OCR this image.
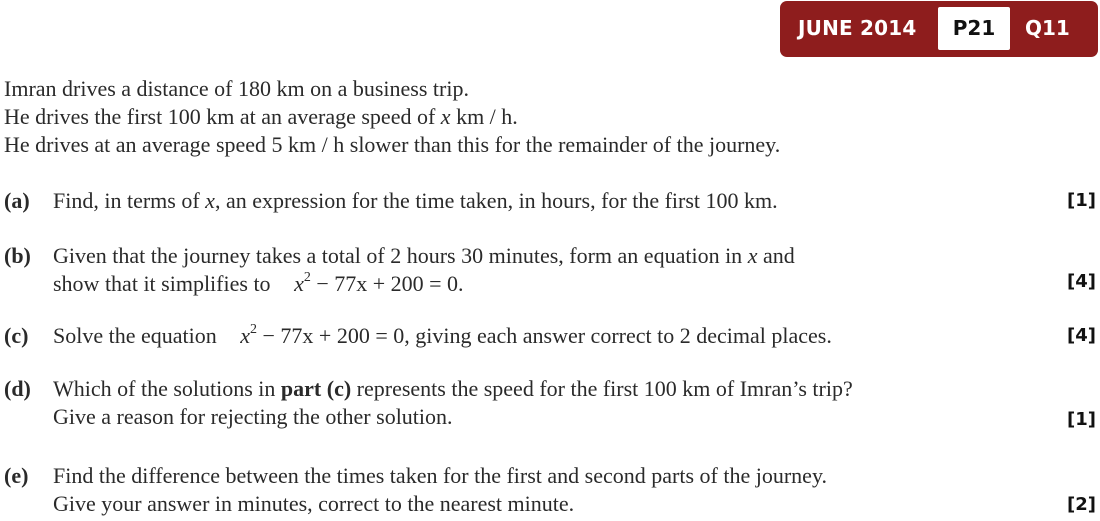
JUNE 2014	P21	Q11
Imran drives a distance of 180 km on a business trip.
He drives the first 100 km at an average speed of x km / h.
He drives at an average speed 5 km / h slower than this for the remainder of the journey.
(a) Find, in terms of x, an expression for the time taken, in hours, for the first 100 km.	[1]
(b) Given that the journey takes a total of 2 hours 30 minutes, form an equation in x and
show that it simplifies to $x^2 - 77x + 200 = 0$.	[4]
(c) Solve the equation $x^2 - 77x + 200 = 0$, giving each answer correct to 2 decimal places.	[4]
(d) Which of the solutions in part (c) represents the speed for the first 100 km of Imran’s trip?
Give a reason for rejecting the other solution.	[1]
(e) Find the difference between the times taken for the first and second parts of the journey.
Give your answer in minutes, correct to the nearest minute.	[2]
